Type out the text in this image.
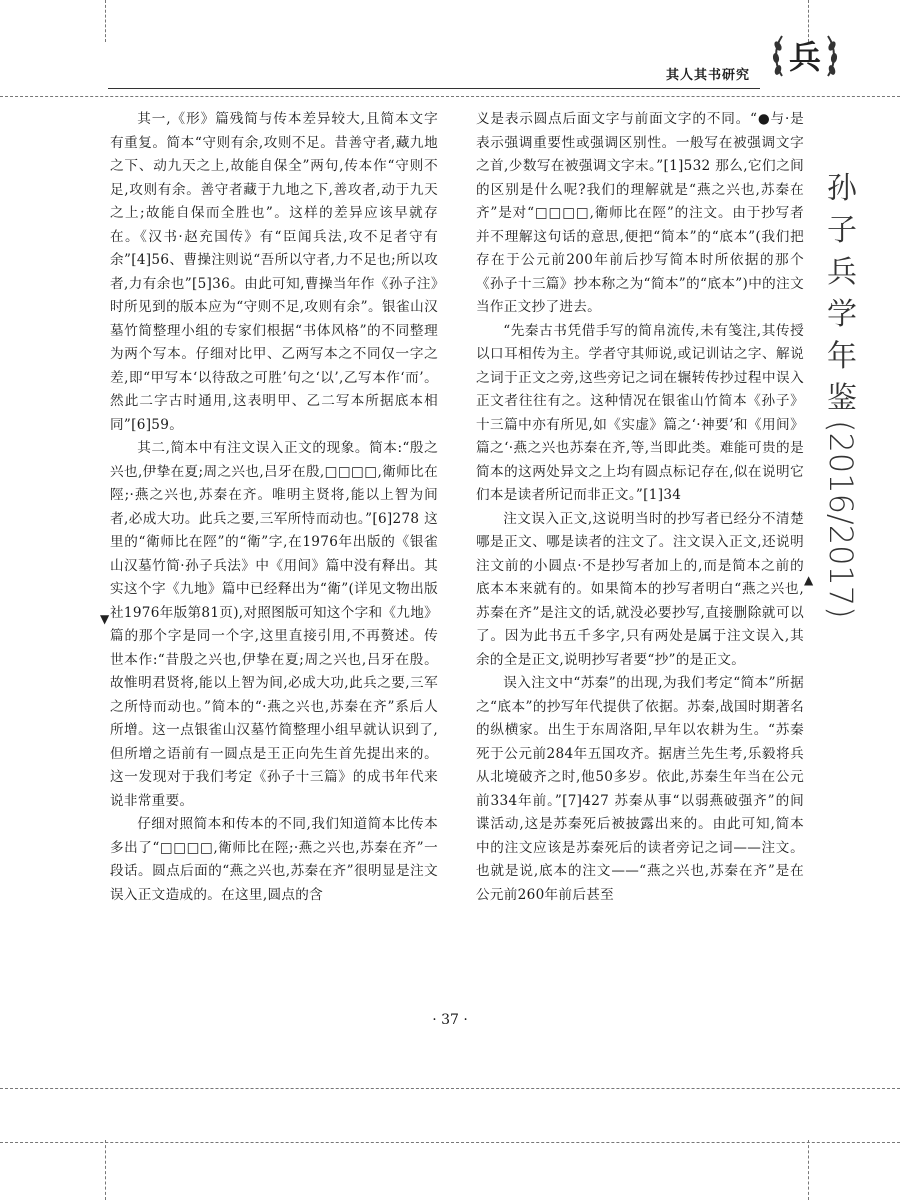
其人其书研究 兵

其一,《形》篇残简与传本差异较大,且简本文字有重复。简本“守则有余,攻则不足。昔善守者,藏九地之下、动九天之上,故能自保全”两句,传本作“守则不足,攻则有余。善守者藏于九地之下,善攻者,动于九天之上;故能自保而全胜也”。这样的差异应该早就存在。《汉书·赵充国传》有“臣闻兵法,攻不足者守有余”[4]56、曹操注则说“吾所以守者,力不足也;所以攻者,力有余也”[5]36。由此可知,曹操当年作《孙子注》时所见到的版本应为“守则不足,攻则有余”。银雀山汉墓竹简整理小组的专家们根据“书体风格”的不同整理为两个写本。仔细对比甲、乙两写本之不同仅一字之差,即“甲写本‘以待敌之可胜’句之‘以’,乙写本作‘而’。然此二字古时通用,这表明甲、乙二写本所据底本相同”[6]59。

其二,简本中有注文误入正文的现象。简本:“殷之兴也,伊挚在夏;周之兴也,吕牙在殷,□□□□,衛师比在陘;·燕之兴也,苏秦在齐。唯明主贤将,能以上智为间者,必成大功。此兵之要,三军所恃而动也。”[6]278 这里的“衛师比在陘”的“衛”字,在1976年出版的《银雀山汉墓竹简·孙子兵法》中《用间》篇中没有释出。其实这个字《九地》篇中已经释出为“衛”(详见文物出版社1976年版第81页),对照图版可知这个字和《九地》篇的那个字是同一个字,这里直接引用,不再赘述。传世本作:“昔殷之兴也,伊挚在夏;周之兴也,吕牙在殷。故惟明君贤将,能以上智为间,必成大功,此兵之要,三军之所恃而动也。”简本的“·燕之兴也,苏秦在齐”系后人所增。这一点银雀山汉墓竹简整理小组早就认识到了,但所增之语前有一圆点是王正向先生首先提出来的。这一发现对于我们考定《孙子十三篇》的成书年代来说非常重要。

仔细对照简本和传本的不同,我们知道简本比传本多出了“□□□□,衛师比在陘;·燕之兴也,苏秦在齐”一段话。圆点后面的“燕之兴也,苏秦在齐”很明显是注文误入正文造成的。在这里,圆点的含

义是表示圆点后面文字与前面文字的不同。“●与·是表示强调重要性或强调区别性。一般写在被强调文字之首,少数写在被强调文字末。”[1]532 那么,它们之间的区别是什么呢?我们的理解就是“燕之兴也,苏秦在齐”是对“□□□□,衛师比在陘”的注文。由于抄写者并不理解这句话的意思,便把“简本”的“底本”(我们把存在于公元前200年前后抄写简本时所依据的那个《孙子十三篇》抄本称之为“简本”的“底本”)中的注文当作正文抄了进去。

“先秦古书凭借手写的简帛流传,未有笺注,其传授以口耳相传为主。学者守其师说,或记训诂之字、解说之词于正文之旁,这些旁记之词在辗转传抄过程中误入正文者往往有之。这种情况在银雀山竹简本《孙子》十三篇中亦有所见,如《实虚》篇之‘·神要’和《用间》篇之‘·燕之兴也苏秦在齐,等,当即此类。难能可贵的是简本的这两处异文之上均有圆点标记存在,似在说明它们本是读者所记而非正文。”[1]34

注文误入正文,这说明当时的抄写者已经分不清楚哪是正文、哪是读者的注文了。注文误入正文,还说明注文前的小圆点·不是抄写者加上的,而是简本之前的底本本来就有的。如果简本的抄写者明白“燕之兴也,苏秦在齐”是注文的话,就没必要抄写,直接删除就可以了。因为此书五千多字,只有两处是属于注文误入,其余的全是正文,说明抄写者要“抄”的是正文。

误入注文中“苏秦”的出现,为我们考定“简本”所据之“底本”的抄写年代提供了依据。苏秦,战国时期著名的纵横家。出生于东周洛阳,早年以农耕为生。“苏秦死于公元前284年五国攻齐。据唐兰先生考,乐毅将兵从北境破齐之时,他50多岁。依此,苏秦生年当在公元前334年前。”[7]427 苏秦从事“以弱燕破强齐”的间谍活动,这是苏秦死后被披露出来的。由此可知,简本中的注文应该是苏秦死后的读者旁记之词——注文。也就是说,底本的注文——“燕之兴也,苏秦在齐”是在公元前260年前后甚至

孙
子
兵
学
年
鉴
(2016/2017)
▼
▲
· 37 ·
